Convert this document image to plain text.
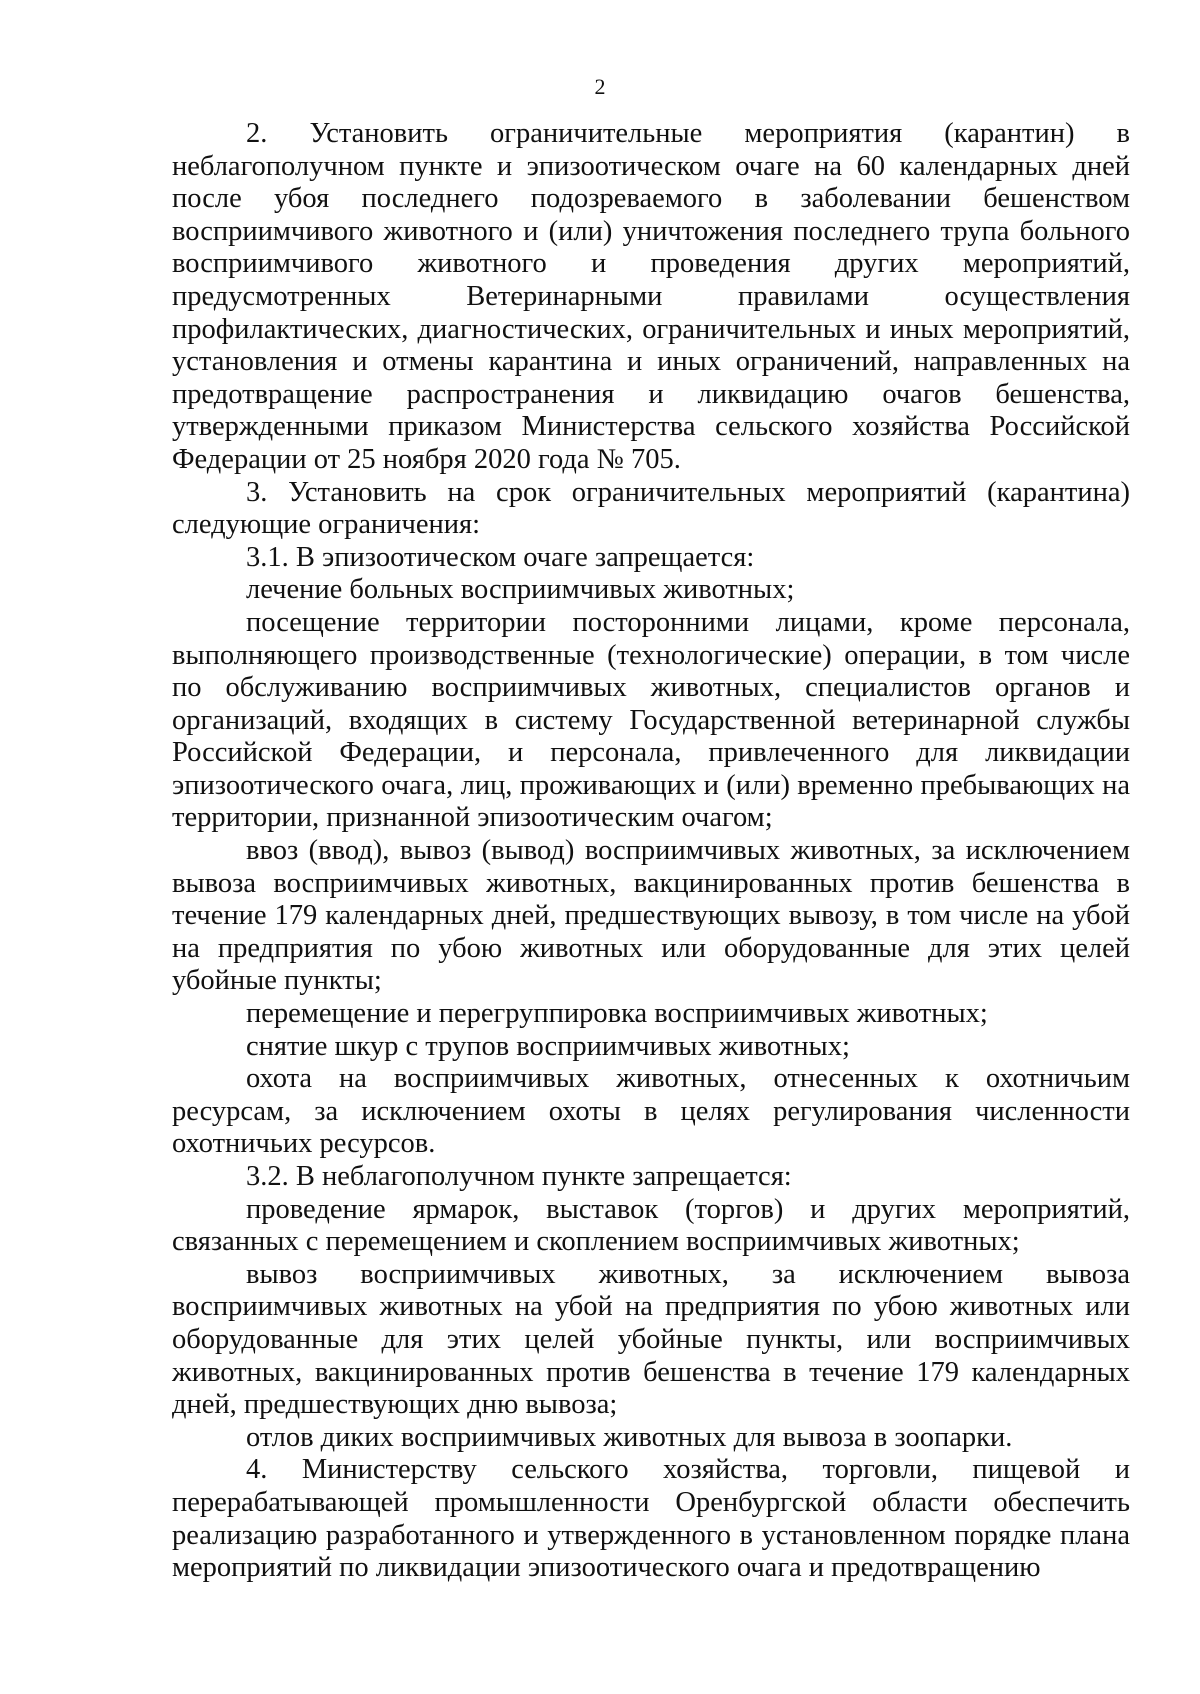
2

2. Установить ограничительные мероприятия (карантин) в неблагополучном пункте и эпизоотическом очаге на 60 календарных дней после убоя последнего подозреваемого в заболевании бешенством восприимчивого животного и (или) уничтожения последнего трупа больного восприимчивого животного и проведения других мероприятий, предусмотренных Ветеринарными правилами осуществления профилактических, диагностических, ограничительных и иных мероприятий, установления и отмены карантина и иных ограничений, направленных на предотвращение распространения и ликвидацию очагов бешенства, утвержденными приказом Министерства сельского хозяйства Российской Федерации от 25 ноября 2020 года № 705.

3. Установить на срок ограничительных мероприятий (карантина) следующие ограничения:

3.1. В эпизоотическом очаге запрещается:

лечение больных восприимчивых животных;

посещение территории посторонними лицами, кроме персонала, выполняющего производственные (технологические) операции, в том числе по обслуживанию восприимчивых животных, специалистов органов и организаций, входящих в систему Государственной ветеринарной службы Российской Федерации, и персонала, привлеченного для ликвидации эпизоотического очага, лиц, проживающих и (или) временно пребывающих на территории, признанной эпизоотическим очагом;

ввоз (ввод), вывоз (вывод) восприимчивых животных, за исключением вывоза восприимчивых животных, вакцинированных против бешенства в течение 179 календарных дней, предшествующих вывозу, в том числе на убой на предприятия по убою животных или оборудованные для этих целей убойные пункты;

перемещение и перегруппировка восприимчивых животных;

снятие шкур с трупов восприимчивых животных;

охота на восприимчивых животных, отнесенных к охотничьим ресурсам, за исключением охоты в целях регулирования численности охотничьих ресурсов.

3.2. В неблагополучном пункте запрещается:

проведение ярмарок, выставок (торгов) и других мероприятий, связанных с перемещением и скоплением восприимчивых животных;

вывоз восприимчивых животных, за исключением вывоза восприимчивых животных на убой на предприятия по убою животных или оборудованные для этих целей убойные пункты, или восприимчивых животных, вакцинированных против бешенства в течение 179 календарных дней, предшествующих дню вывоза;

отлов диких восприимчивых животных для вывоза в зоопарки.

4. Министерству сельского хозяйства, торговли, пищевой и перерабатывающей промышленности Оренбургской области обеспечить реализацию разработанного и утвержденного в установленном порядке плана мероприятий по ликвидации эпизоотического очага и предотвращению
